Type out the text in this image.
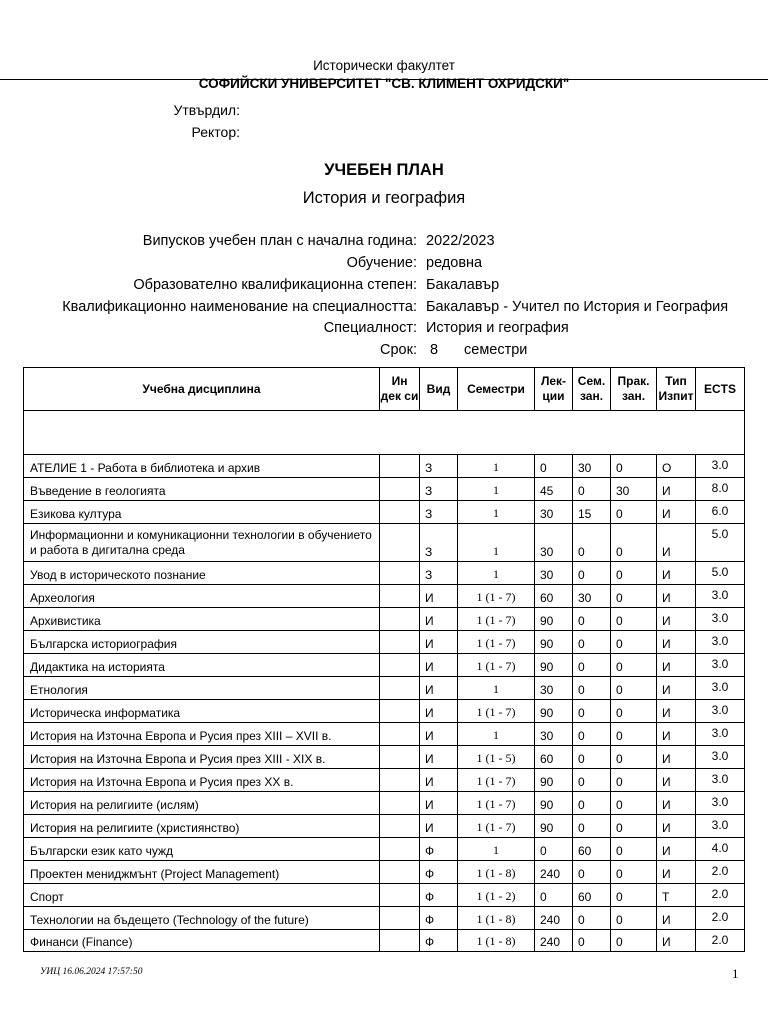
Исторически факултет
СОФИЙСКИ УНИВЕРСИТЕТ "СВ. КЛИМЕНТ ОХРИДСКИ"
Утвърдил:
Ректор:
УЧЕБЕН ПЛАН
История и география
Випусков учебен план с начална година: 2022/2023
Обучение: редовна
Образователно квалификационна степен: Бакалавър
Квалификационно наименование на специалността: Бакалавър - Учител по История и География
Специалност: История и география
Срок: 8 семестри
Учебна дисциплина	Ин дек си	Вид	Семестри	Лек-ции	Сем. зан.	Прак. зан.	Тип Изпит	ECTS

АТЕЛИЕ 1 - Работа в библиотека и архив		З	1	0	30	0	О	3.0
Въведение в геологията		З	1	45	0	30	И	8.0
Езикова култура		З	1	30	15	0	И	6.0
Информационни и комуникационни технологии в обучението и работа в дигитална среда		З	1	30	0	0	И	5.0
Увод в историческото познание		З	1	30	0	0	И	5.0
Археология		И	1 (1 - 7)	60	30	0	И	3.0
Архивистика		И	1 (1 - 7)	90	0	0	И	3.0
Българска историография		И	1 (1 - 7)	90	0	0	И	3.0
Дидактика на историята		И	1 (1 - 7)	90	0	0	И	3.0
Етнология		И	1	30	0	0	И	3.0
Историческа информатика		И	1 (1 - 7)	90	0	0	И	3.0
История на Източна Европа и Русия през XIII – XVII в.		И	1	30	0	0	И	3.0
История на Източна Европа и Русия през XIII - XIX в.		И	1 (1 - 5)	60	0	0	И	3.0
История на Източна Европа и Русия през XX в.		И	1 (1 - 7)	90	0	0	И	3.0
История на религиите (ислям)		И	1 (1 - 7)	90	0	0	И	3.0
История на религиите (християнство)		И	1 (1 - 7)	90	0	0	И	3.0
Български език като чужд		Ф	1	0	60	0	И	4.0
Проектен мениджмънт (Project Management)		Ф	1 (1 - 8)	240	0	0	И	2.0
Спорт		Ф	1 (1 - 2)	0	60	0	Т	2.0
Технологии на бъдещето (Technology of the future)		Ф	1 (1 - 8)	240	0	0	И	2.0
Финанси (Finance)		Ф	1 (1 - 8)	240	0	0	И	2.0
УИЦ 16.06.2024 17:57:50	1
